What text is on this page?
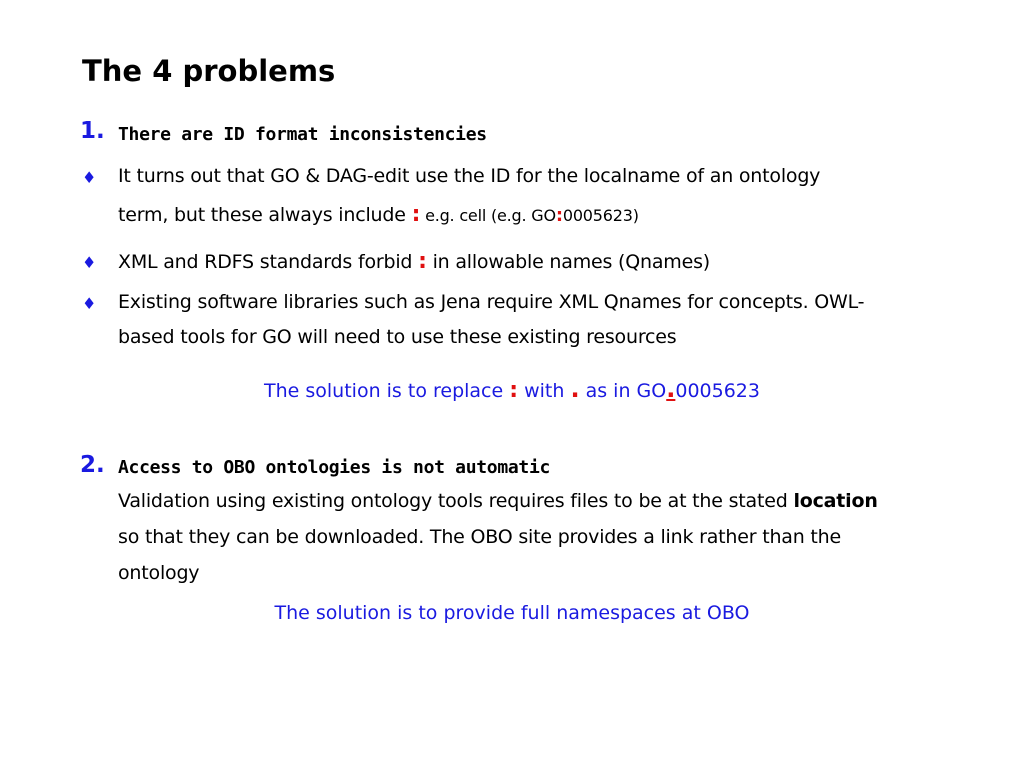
The 4 problems
1. There are ID format inconsistencies
♦ It turns out that GO & DAG-edit use the ID for the localname of an ontology
term, but these always include : e.g. cell (e.g. GO:0005623)
♦ XML and RDFS standards forbid : in allowable names (Qnames)
♦ Existing software libraries such as Jena require XML Qnames for concepts. OWL-
based tools for GO will need to use these existing resources
The solution is to replace : with . as in GO.0005623
2. Access to OBO ontologies is not automatic
Validation using existing ontology tools requires files to be at the stated location
so that they can be downloaded. The OBO site provides a link rather than the
ontology
The solution is to provide full namespaces at OBO
